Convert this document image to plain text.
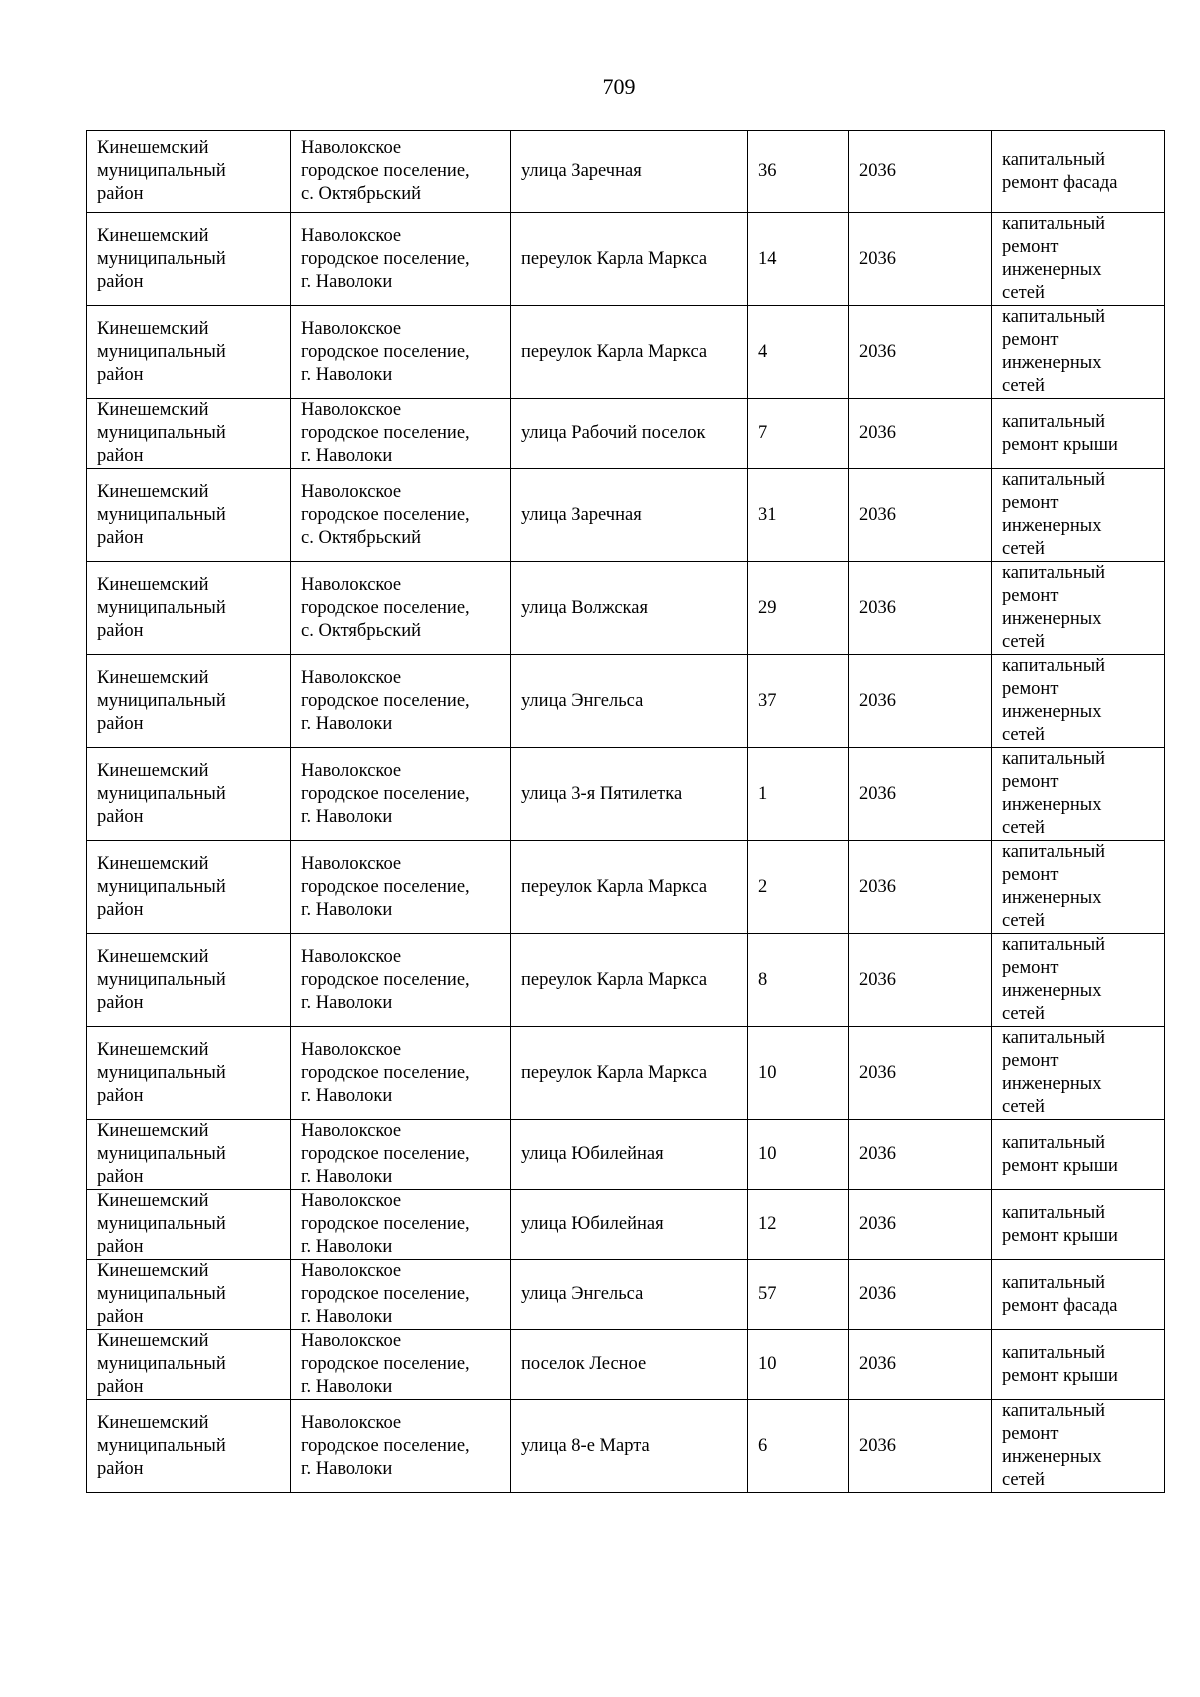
709
Кинешемский
муниципальный
район	Наволокское
городское поселение,
с. Октябрьский	улица Заречная	36	2036	капитальный
ремонт фасада

Кинешемский
муниципальный
район	Наволокское
городское поселение,
г. Наволоки	переулок Карла Маркса	14	2036	капитальный
ремонт
инженерных
сетей

Кинешемский
муниципальный
район	Наволокское
городское поселение,
г. Наволоки	переулок Карла Маркса	4	2036	капитальный
ремонт
инженерных
сетей

Кинешемский
муниципальный
район	Наволокское
городское поселение,
г. Наволоки	улица Рабочий поселок	7	2036	капитальный
ремонт крыши

Кинешемский
муниципальный
район	Наволокское
городское поселение,
с. Октябрьский	улица Заречная	31	2036	капитальный
ремонт
инженерных
сетей

Кинешемский
муниципальный
район	Наволокское
городское поселение,
с. Октябрьский	улица Волжская	29	2036	капитальный
ремонт
инженерных
сетей

Кинешемский
муниципальный
район	Наволокское
городское поселение,
г. Наволоки	улица Энгельса	37	2036	капитальный
ремонт
инженерных
сетей

Кинешемский
муниципальный
район	Наволокское
городское поселение,
г. Наволоки	улица 3-я Пятилетка	1	2036	капитальный
ремонт
инженерных
сетей

Кинешемский
муниципальный
район	Наволокское
городское поселение,
г. Наволоки	переулок Карла Маркса	2	2036	капитальный
ремонт
инженерных
сетей

Кинешемский
муниципальный
район	Наволокское
городское поселение,
г. Наволоки	переулок Карла Маркса	8	2036	капитальный
ремонт
инженерных
сетей

Кинешемский
муниципальный
район	Наволокское
городское поселение,
г. Наволоки	переулок Карла Маркса	10	2036	капитальный
ремонт
инженерных
сетей

Кинешемский
муниципальный
район	Наволокское
городское поселение,
г. Наволоки	улица Юбилейная	10	2036	капитальный
ремонт крыши

Кинешемский
муниципальный
район	Наволокское
городское поселение,
г. Наволоки	улица Юбилейная	12	2036	капитальный
ремонт крыши

Кинешемский
муниципальный
район	Наволокское
городское поселение,
г. Наволоки	улица Энгельса	57	2036	капитальный
ремонт фасада

Кинешемский
муниципальный
район	Наволокское
городское поселение,
г. Наволоки	поселок Лесное	10	2036	капитальный
ремонт крыши

Кинешемский
муниципальный
район	Наволокское
городское поселение,
г. Наволоки	улица 8-е Марта	6	2036	капитальный
ремонт
инженерных
сетей
